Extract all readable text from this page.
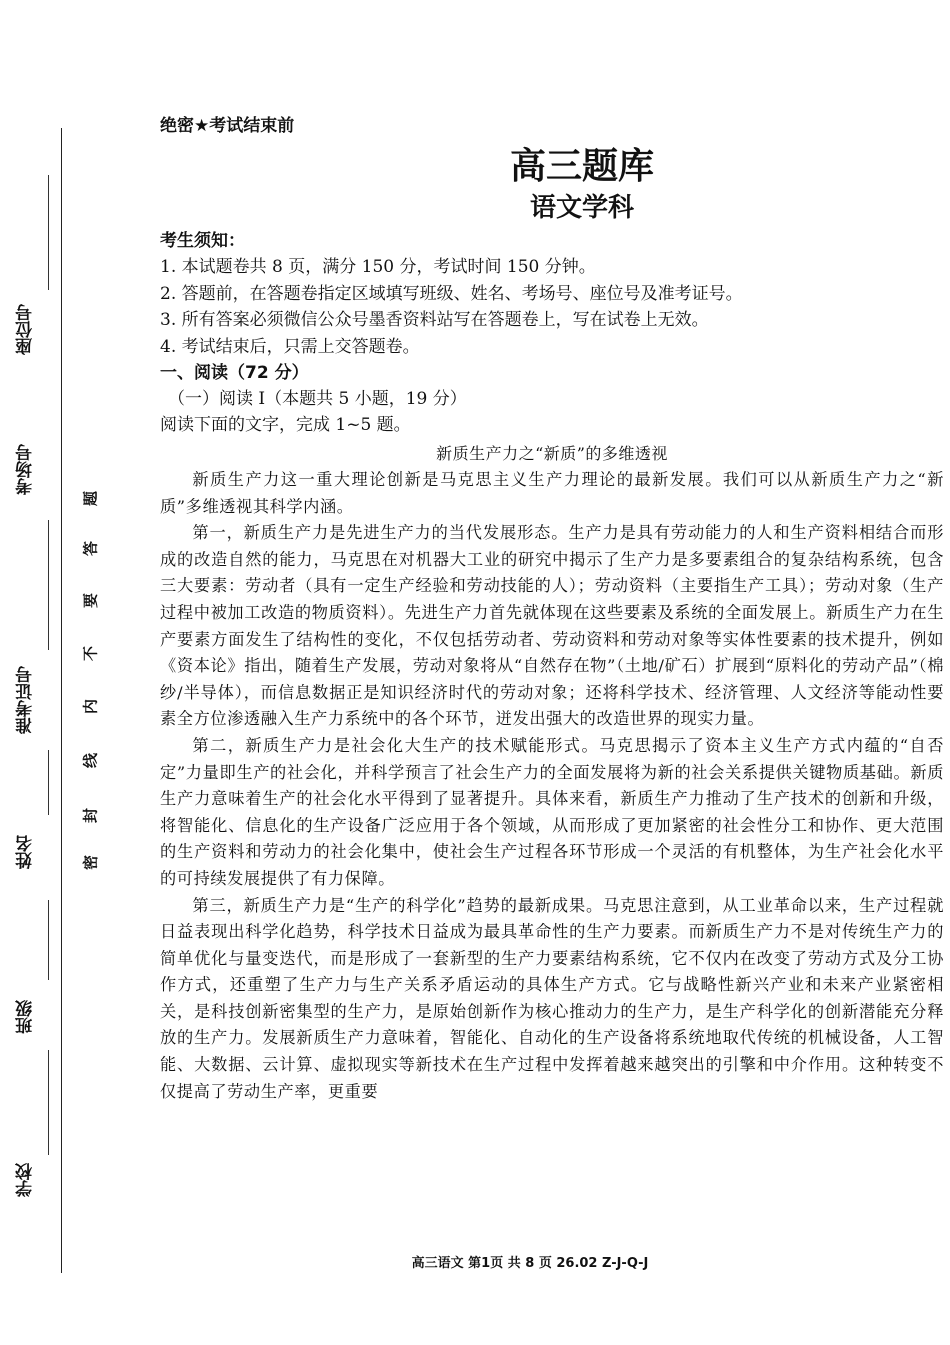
座位号
考场号
准考证号
姓名
班级
学校
题
答
要
不
内
线
封
密

绝密★考试结束前

高三题库
语文学科

考生须知：

1. 本试题卷共 8 页，满分 150 分，考试时间 150 分钟。

2. 答题前，在答题卷指定区域填写班级、姓名、考场号、座位号及准考证号。

3. 所有答案必须微信公众号墨香资料站写在答题卷上，写在试卷上无效。

4. 考试结束后，只需上交答题卷。

一、阅读（72 分）

（一）阅读 I（本题共 5 小题，19 分）

阅读下面的文字，完成 1~5 题。

新质生产力之“新质”的多维透视

新质生产力这一重大理论创新是马克思主义生产力理论的最新发展。我们可以从新质生产力之“新质”多维透视其科学内涵。

第一，新质生产力是先进生产力的当代发展形态。生产力是具有劳动能力的人和生产资料相结合而形成的改造自然的能力，马克思在对机器大工业的研究中揭示了生产力是多要素组合的复杂结构系统，包含三大要素：劳动者（具有一定生产经验和劳动技能的人）；劳动资料（主要指生产工具）；劳动对象（生产过程中被加工改造的物质资料）。先进生产力首先就体现在这些要素及系统的全面发展上。新质生产力在生产要素方面发生了结构性的变化，不仅包括劳动者、劳动资料和劳动对象等实体性要素的技术提升，例如《资本论》指出，随着生产发展，劳动对象将从“自然存在物”（土地/矿石）扩展到“原料化的劳动产品”（棉纱/半导体），而信息数据正是知识经济时代的劳动对象；还将科学技术、经济管理、人文经济等能动性要素全方位渗透融入生产力系统中的各个环节，迸发出强大的改造世界的现实力量。

第二，新质生产力是社会化大生产的技术赋能形式。马克思揭示了资本主义生产方式内蕴的“自否定”力量即生产的社会化，并科学预言了社会生产力的全面发展将为新的社会关系提供关键物质基础。新质生产力意味着生产的社会化水平得到了显著提升。具体来看，新质生产力推动了生产技术的创新和升级，将智能化、信息化的生产设备广泛应用于各个领域，从而形成了更加紧密的社会性分工和协作、更大范围的生产资料和劳动力的社会化集中，使社会生产过程各环节形成一个灵活的有机整体，为生产社会化水平的可持续发展提供了有力保障。

第三，新质生产力是“生产的科学化”趋势的最新成果。马克思注意到，从工业革命以来，生产过程就日益表现出科学化趋势，科学技术日益成为最具革命性的生产力要素。而新质生产力不是对传统生产力的简单优化与量变迭代，而是形成了一套新型的生产力要素结构系统，它不仅内在改变了劳动方式及分工协作方式，还重塑了生产力与生产关系矛盾运动的具体生产方式。它与战略性新兴产业和未来产业紧密相关，是科技创新密集型的生产力，是原始创新作为核心推动力的生产力，是生产科学化的创新潜能充分释放的生产力。发展新质生产力意味着，智能化、自动化的生产设备将系统地取代传统的机械设备，人工智能、大数据、云计算、虚拟现实等新技术在生产过程中发挥着越来越突出的引擎和中介作用。这种转变不仅提高了劳动生产率，更重要

高三语文 第1页 共 8 页 26.02 Z-J-Q-J
